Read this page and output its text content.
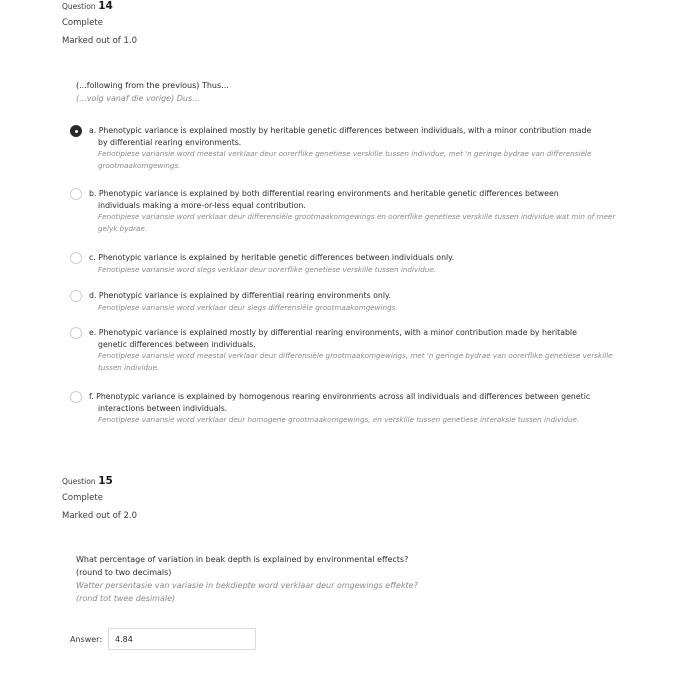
Question 14
Complete
Marked out of 1.0
(...following from the previous) Thus...
(...volg vanaf die vorige) Dus...
a. Phenotypic variance is explained mostly by heritable genetic differences between individuals, with a minor contribution made
by differential rearing environments.
Fenotipiese variansie word meestal verklaar deur oorerflike genetiese verskille tussen individue, met 'n geringe bydrae van differensiële
grootmaakomgewings.
b. Phenotypic variance is explained by both differential rearing environments and heritable genetic differences between
individuals making a more-or-less equal contribution.
Fenotipiese variansie word verklaar deur differensiële grootmaakomgewings en oorerflike genetiese verskille tussen individue wat min of meer
gelyk bydrae.
c. Phenotypic variance is explained by heritable genetic differences between individuals only.
Fenotipiese variansie word slegs verklaar deur oorerflike genetiese verskille tussen individue.
d. Phenotypic variance is explained by differential rearing environments only.
Fenotipiese variansie word verklaar deur slegs differensiële grootmaakomgewings.
e. Phenotypic variance is explained mostly by differential rearing environments, with a minor contribution made by heritable
genetic differences between individuals.
Fenotipiese variansie word meestal verklaar deur differensiële grootmaakomgewings, met 'n geringe bydrae van oorerflike genetiese verskille
tussen individue.
f. Phenotypic variance is explained by homogenous rearing environments across all individuals and differences between genetic
interactions between individuals.
Fenotipiese variansie word verklaar deur homogene grootmaakomgewings, en verskille tussen genetiese interaksie tussen individue.
Question 15
Complete
Marked out of 2.0
What percentage of variation in beak depth is explained by environmental effects?
(round to two decimals)
Watter persentasie van variasie in bekdiepte word verklaar deur omgewings effekte?
(rond tot twee desimale)
Answer:	4.84
